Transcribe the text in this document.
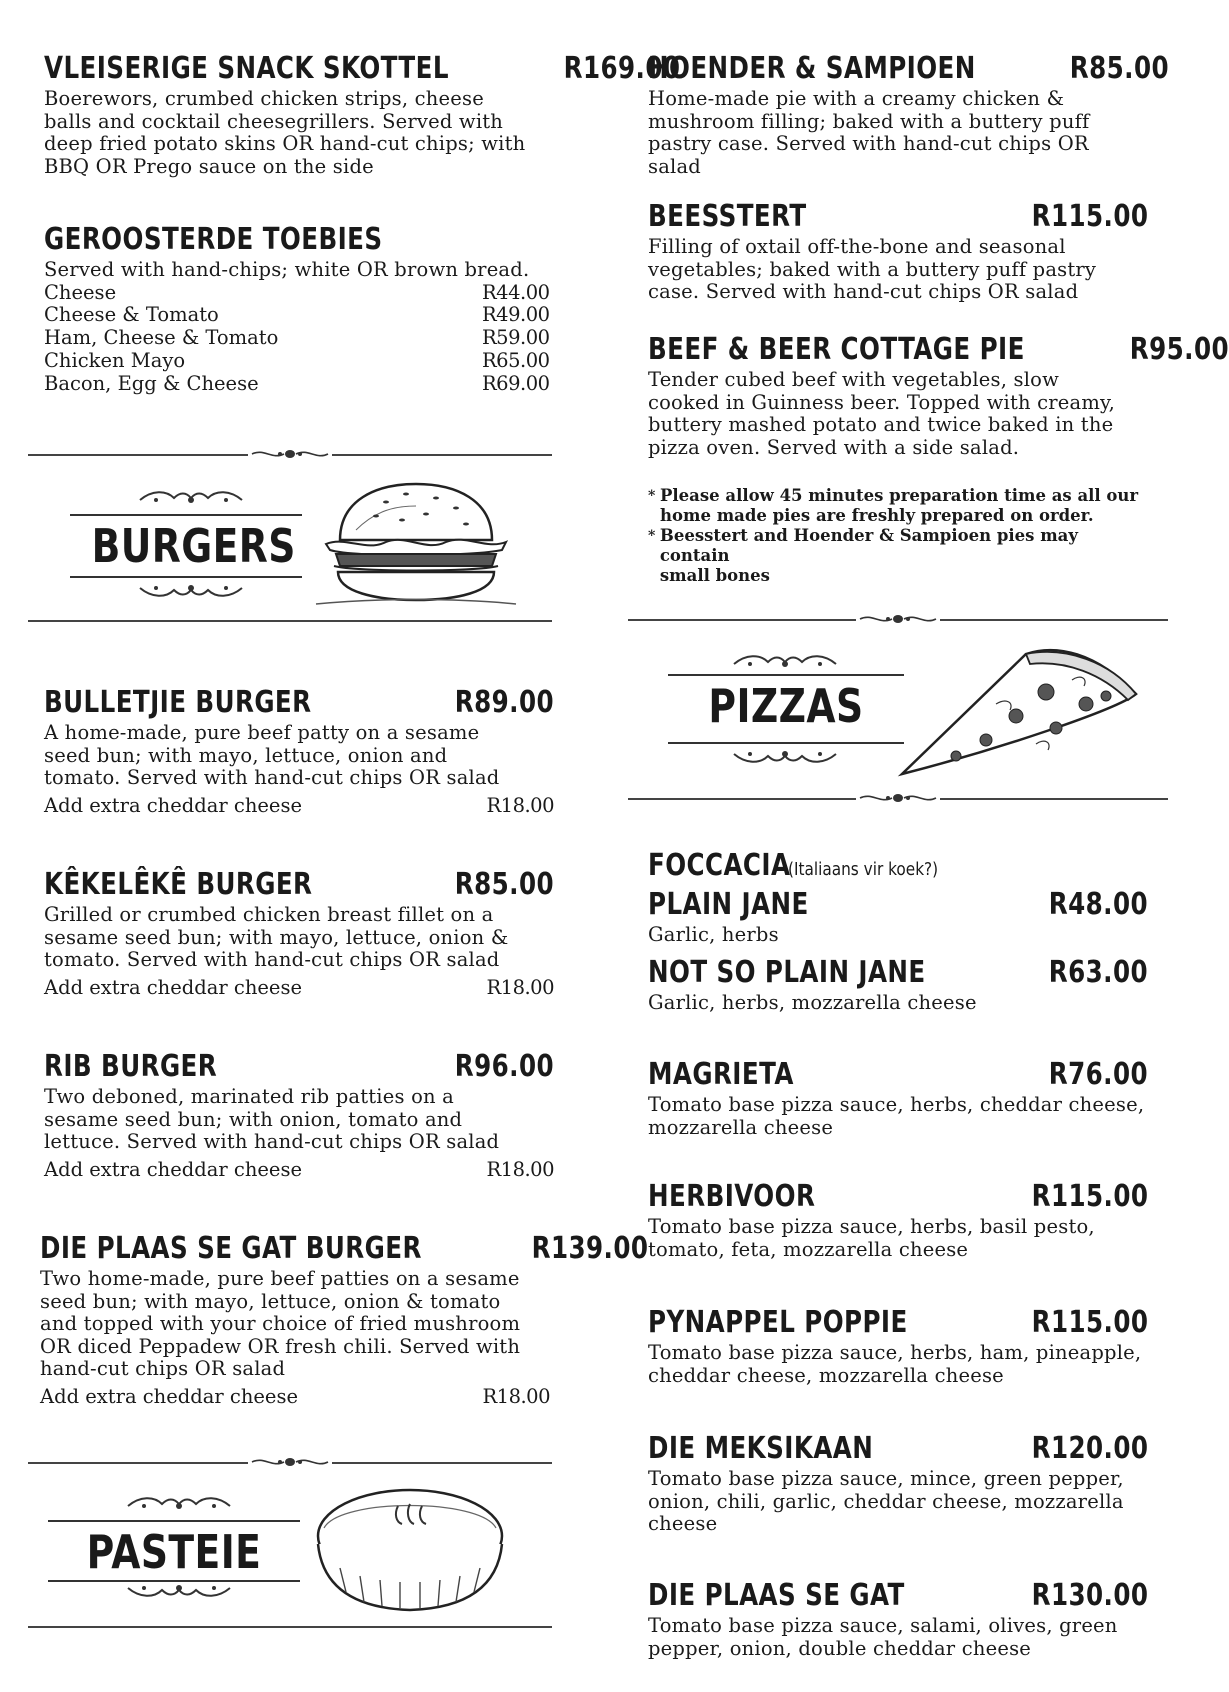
VLEISERIGE SNACK SKOTTEL	R169.00
Boerewors, crumbed chicken strips, cheese
balls and cocktail cheesegrillers. Served with
deep fried potato skins OR hand-cut chips; with
BBQ OR Prego sauce on the side
GEROOSTERDE TOEBIES
Served with hand-chips; white OR brown bread.
Cheese	R44.00
Cheese & Tomato	R49.00
Ham, Cheese & Tomato	R59.00
Chicken Mayo	R65.00
Bacon, Egg & Cheese	R69.00
BURGERS
BULLETJIE BURGER	R89.00
A home-made, pure beef patty on a sesame
seed bun; with mayo, lettuce, onion and
tomato. Served with hand-cut chips OR salad
Add extra cheddar cheese	R18.00
KÊKELÊKÊ BURGER	R85.00
Grilled or crumbed chicken breast fillet on a
sesame seed bun; with mayo, lettuce, onion &
tomato. Served with hand-cut chips OR salad
Add extra cheddar cheese	R18.00
RIB BURGER	R96.00
Two deboned, marinated rib patties on a
sesame seed bun; with onion, tomato and
lettuce. Served with hand-cut chips OR salad
Add extra cheddar cheese	R18.00
DIE PLAAS SE GAT BURGER	R139.00
Two home-made, pure beef patties on a sesame
seed bun; with mayo, lettuce, onion & tomato
and topped with your choice of fried mushroom
OR diced Peppadew OR fresh chili. Served with
hand-cut chips OR salad
Add extra cheddar cheese	R18.00
PASTEIE
HOENDER & SAMPIOEN	R85.00
Home-made pie with a creamy chicken &
mushroom filling; baked with a buttery puff
pastry case. Served with hand-cut chips OR
salad
BEESSTERT	R115.00
Filling of oxtail off-the-bone and seasonal
vegetables; baked with a buttery puff pastry
case. Served with hand-cut chips OR salad
BEEF & BEER COTTAGE PIE	R95.00
Tender cubed beef with vegetables, slow
cooked in Guinness beer. Topped with creamy,
buttery mashed potato and twice baked in the
pizza oven. Served with a side salad.
* Please allow 45 minutes preparation time as all our
home made pies are freshly prepared on order.
* Beesstert and Hoender & Sampioen pies may contain
small bones
PIZZAS
FOCCACIA(Italiaans vir koek?)
PLAIN JANE	R48.00
Garlic, herbs
NOT SO PLAIN JANE	R63.00
Garlic, herbs, mozzarella cheese
MAGRIETA	R76.00
Tomato base pizza sauce, herbs, cheddar cheese,
mozzarella cheese
HERBIVOOR	R115.00
Tomato base pizza sauce, herbs, basil pesto,
tomato, feta, mozzarella cheese
PYNAPPEL POPPIE	R115.00
Tomato base pizza sauce, herbs, ham, pineapple,
cheddar cheese, mozzarella cheese
DIE MEKSIKAAN	R120.00
Tomato base pizza sauce, mince, green pepper,
onion, chili, garlic, cheddar cheese, mozzarella
cheese
DIE PLAAS SE GAT	R130.00
Tomato base pizza sauce, salami, olives, green
pepper, onion, double cheddar cheese
